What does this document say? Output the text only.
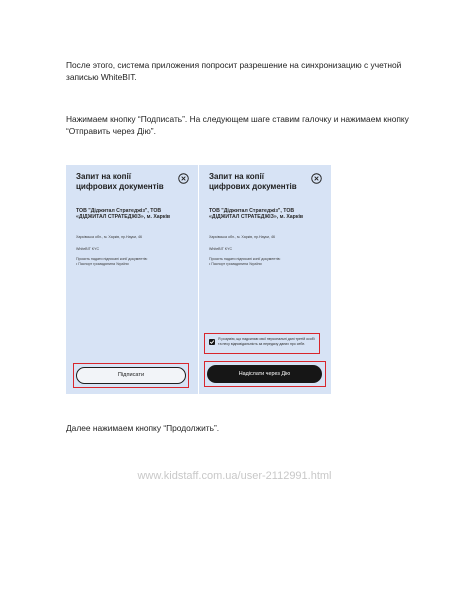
После этого, система приложения попросит разрешение на синхронизацию с учетной записью WhiteBIT.
Нажимаем кнопку “Подписать”. На следующем шаге ставим галочку и нажимаем кнопку “Отправить через Дію”.
Запит на копії цифрових документів
ТОВ "Діджитал Стратеджіз", ТОВ «ДІДЖИТАЛ СТРАТЕДЖІЗ», м. Харків
Харківська обл., м. Харків, пр.Науки, 46
WhiteBIT KYC
Просить надати підписані копії документів:
• Паспорт громадянина України
Підписати
Запит на копії цифрових документів
ТОВ "Діджитал Стратеджіз", ТОВ «ДІДЖИТАЛ СТРАТЕДЖІЗ», м. Харків
Харківська обл., м. Харків, пр.Науки, 46
WhiteBIT KYC
Просить надати підписані копії документів:
• Паспорт громадянина України
Я розумію, що надсилаю свої персональні дані третій особі та несу відповідальність за передачу даних про себе.
Надіслати через Дію
Далее нажимаем кнопку “Продолжить”.
www.kidstaff.com.ua/user-2112991.html
